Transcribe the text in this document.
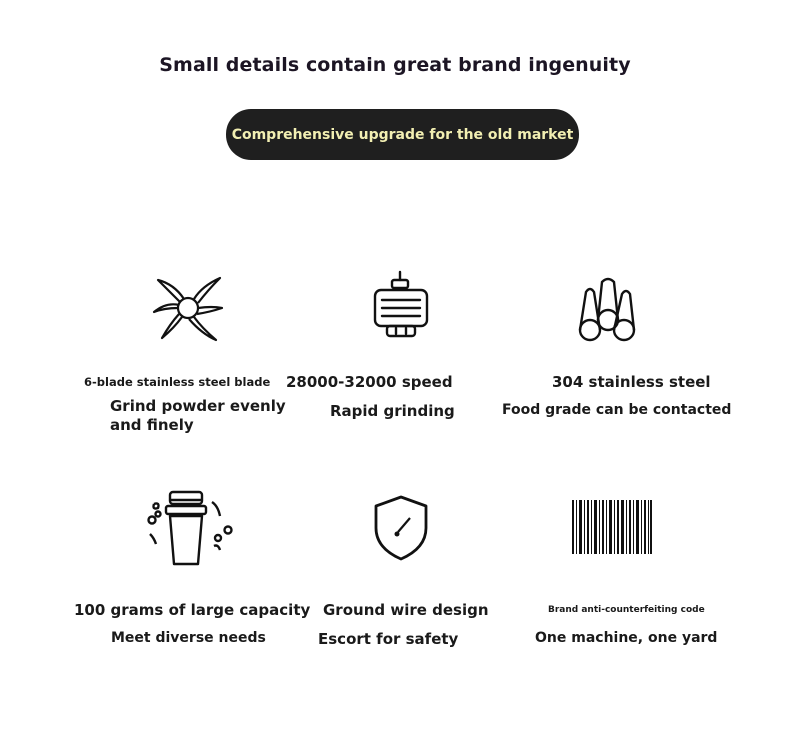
Small details contain great brand ingenuity
Comprehensive upgrade for the old market
6-blade stainless steel blade
Grind powder evenly
and finely
28000-32000 speed
Rapid grinding
304 stainless steel
Food grade can be contacted
100 grams of large capacity
Meet diverse needs
Ground wire design
Escort for safety
Brand anti-counterfeiting code
One machine, one yard
